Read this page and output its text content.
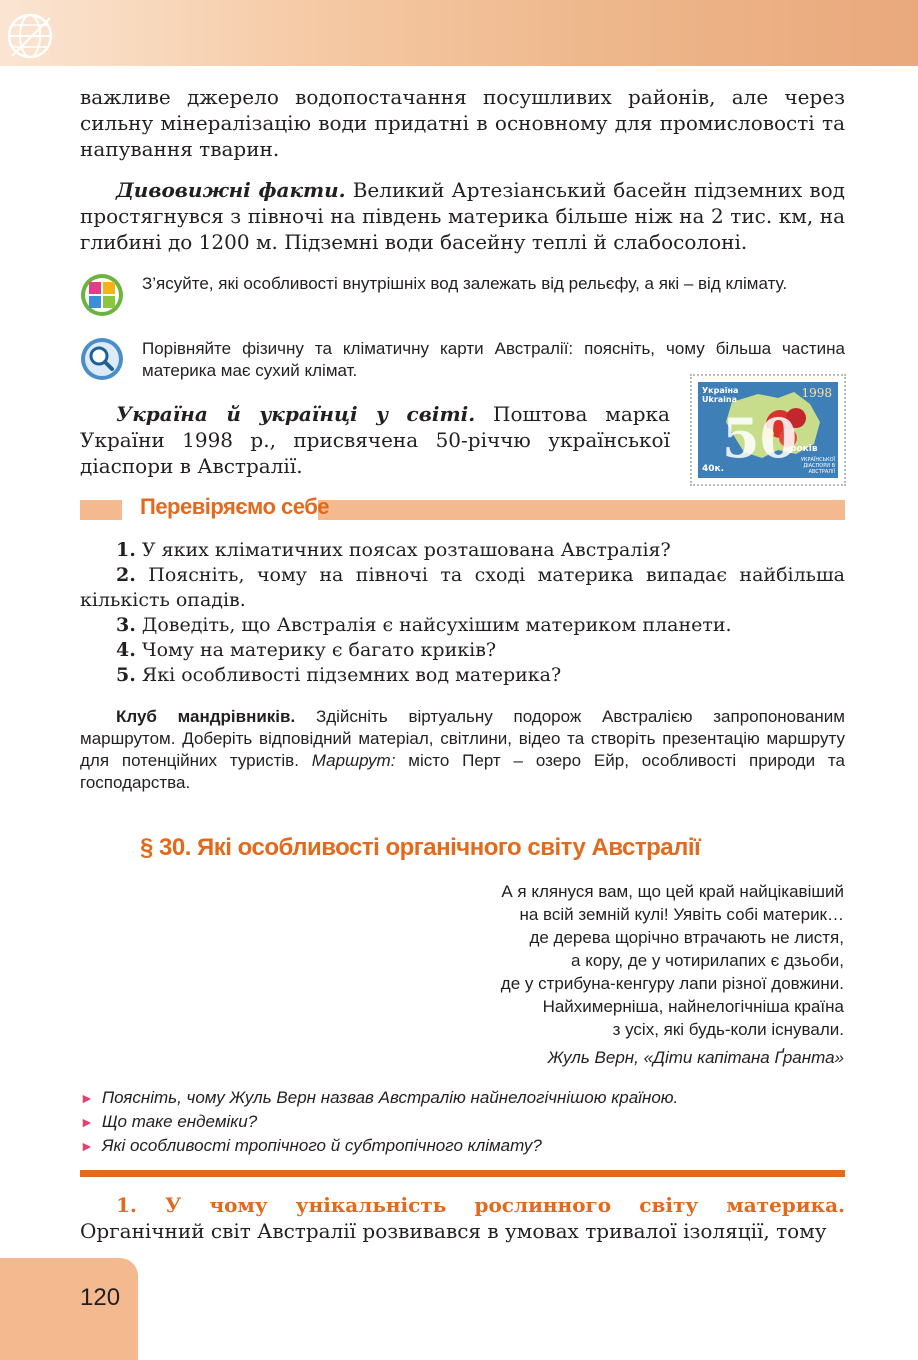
важливе джерело водопостачання посушливих районів, але через сильну мінералізацію води придатні в основному для промисловості та напування тварин.
Дивовижні факти. Великий Артезіанський басейн підземних вод простягнувся з півночі на південь материка більше ніж на 2 тис. км, на глибині до 1200 м. Підземні води басейну теплі й слабосолоні.
З’ясуйте, які особливості внутрішніх вод залежать від рельєфу, а які – від клімату.
Порівняйте фізичну та кліматичну карти Австралії: поясніть, чому більша частина материка має сухий клімат.
Україна й українці у світі. Поштова марка України 1998 р., присвячена 50-річчю української діаспори в Австралії.
Україна Ukraina	1998
50
років
40к.
УКРАЇНСЬКОЇ ДІАСПОРИ В АВСТРАЛІЇ
Перевіряємо себе
1. У яких кліматичних поясах розташована Австралія?
2. Поясніть, чому на півночі та сході материка випадає найбільша кількість опадів.
3. Доведіть, що Австралія є найсухішим материком планети.
4. Чому на материку є багато криків?
5. Які особливості підземних вод материка?
Клуб мандрівників. Здійсніть віртуальну подорож Австралією запропонованим маршрутом. Доберіть відповідний матеріал, світлини, відео та створіть презентацію маршруту для потенційних туристів. Маршрут: місто Перт – озеро Ейр, особливості природи та господарства.
§ 30. Які особливості органічного світу Австралії
А я клянуся вам, що цей край найцікавіший
на всій земній кулі! Уявіть собі материк…
де дерева щорічно втрачають не листя,
а кору, де у чотирилапих є дзьоби,
де у стрибуна-кенгуру лапи різної довжини.
Найхимерніша, найнелогічніша країна
з усіх, які будь-коли існували.
Жуль Верн, «Діти капітана Ґранта»
► Поясніть, чому Жуль Верн назвав Австралію найнелогічнішою країною.
► Що таке ендеміки?
► Які особливості тропічного й субтропічного клімату?
1. У чому унікальність рослинного світу материка. Органічний світ Австралії розвивався в умовах тривалої ізоляції, тому
120
